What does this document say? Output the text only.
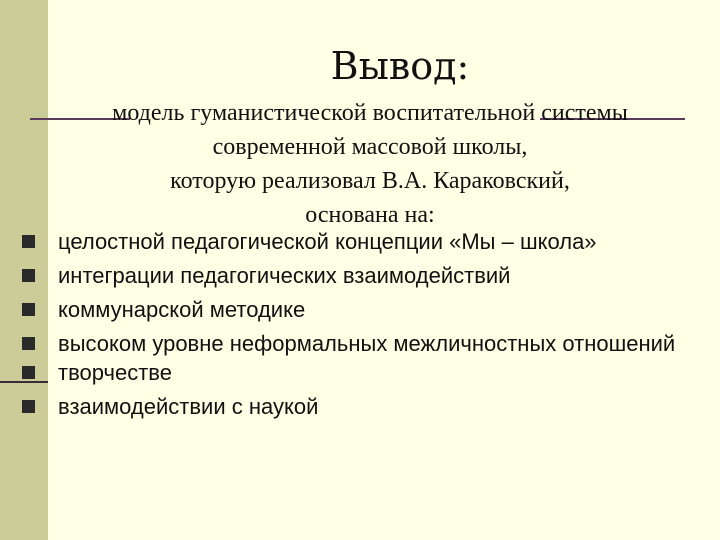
Вывод:
модель гуманистической воспитательной системы
современной массовой школы,
которую реализовал В.А. Караковский,
основана на:
целостной педагогической концепции «Мы – школа»
интеграции педагогических взаимодействий
коммунарской методике
высоком уровне неформальных межличностных отношений
творчестве
взаимодействии с наукой
